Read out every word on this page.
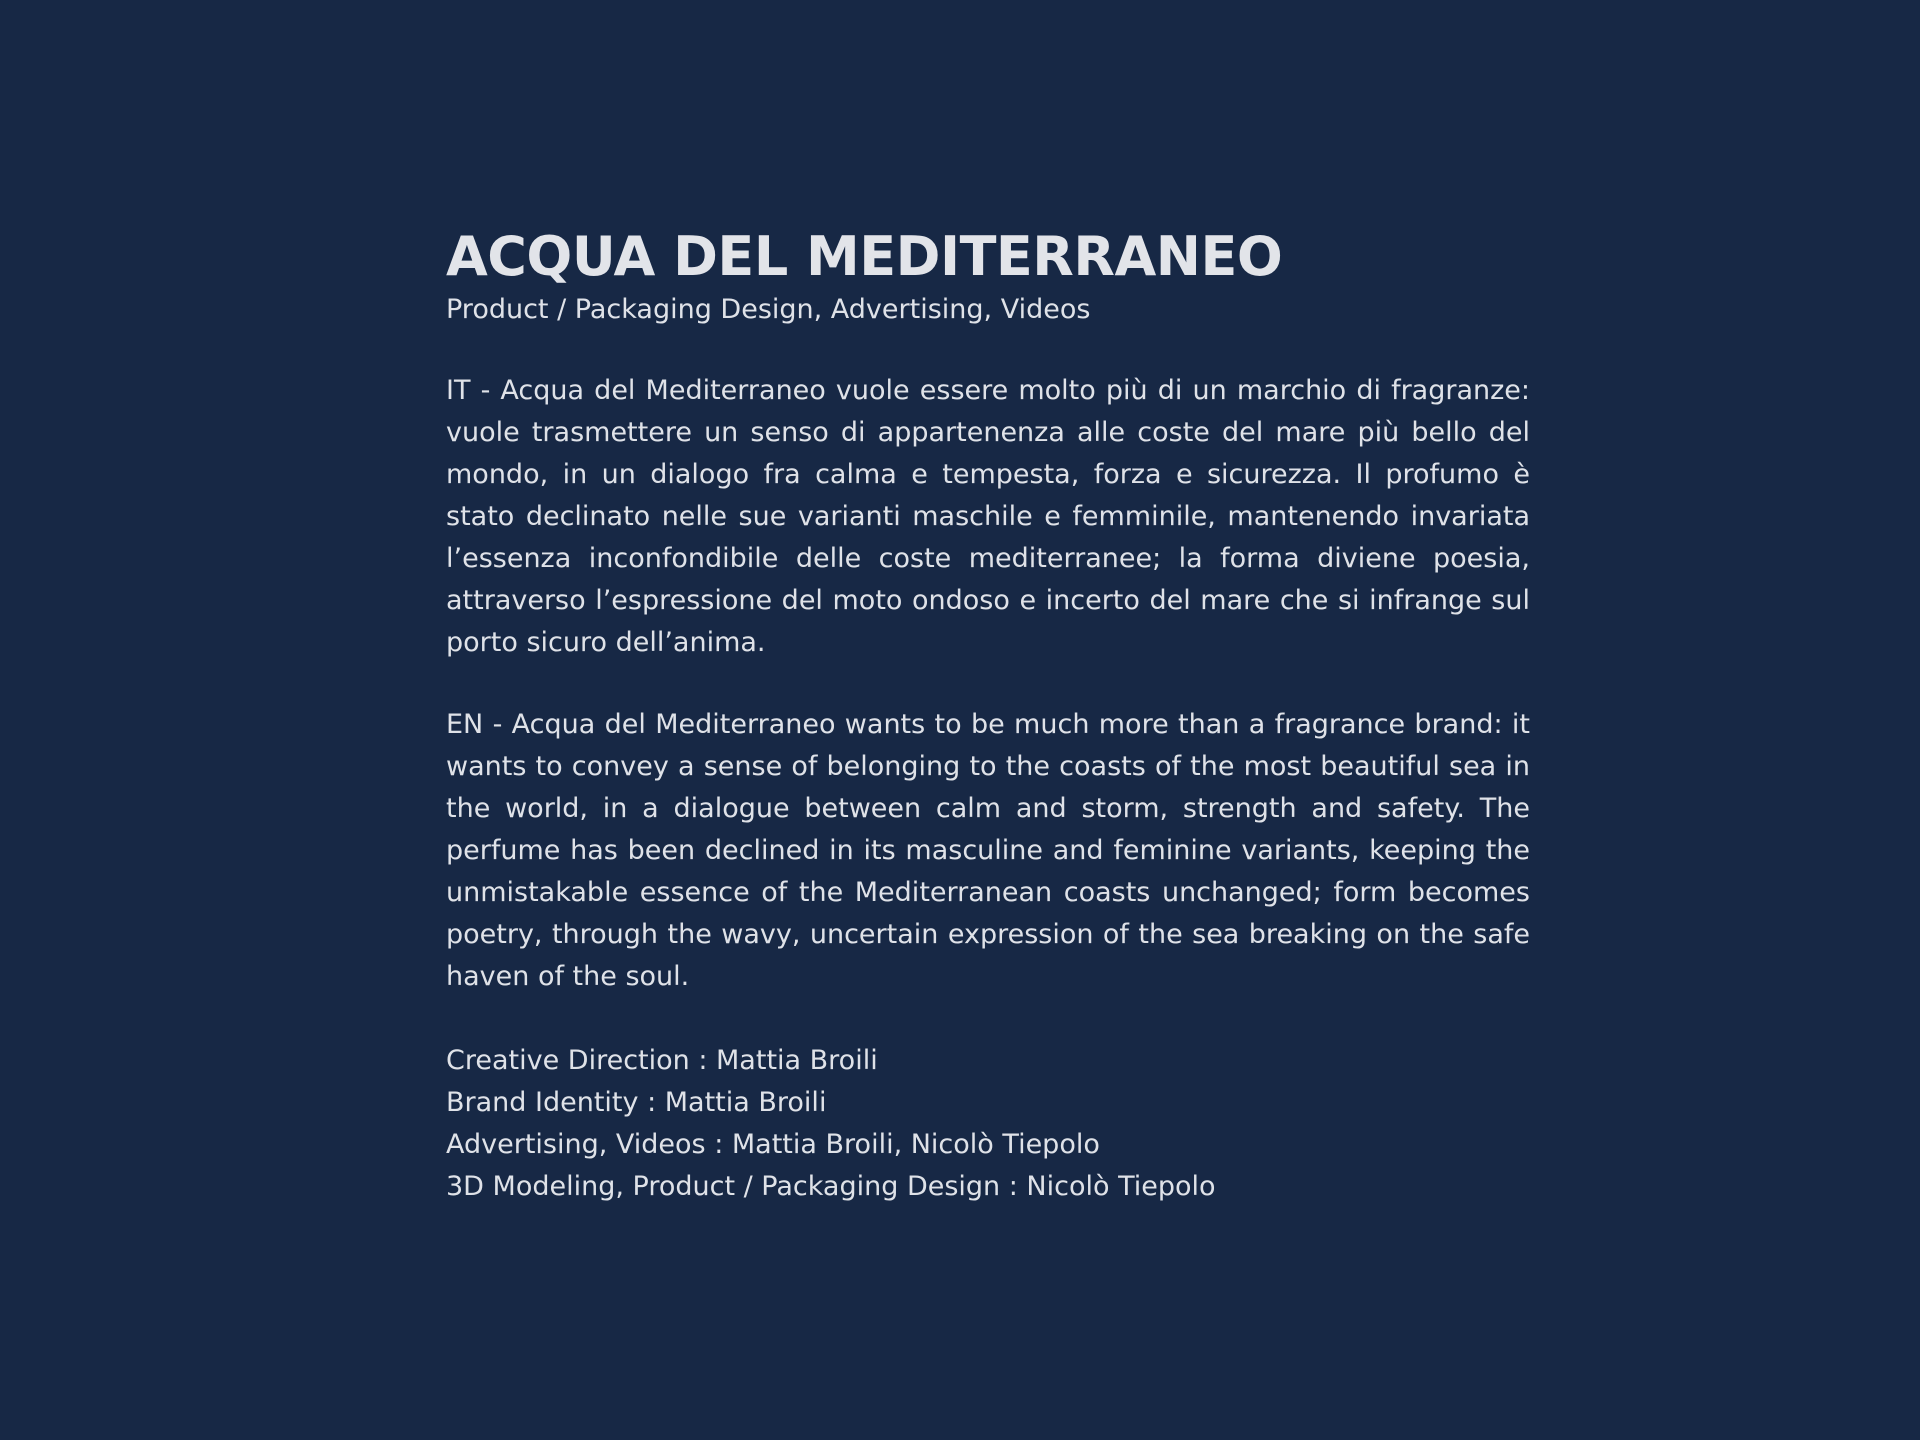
ACQUA DEL MEDITERRANEO
Product / Packaging Design, Advertising, Videos

IT - Acqua del Mediterraneo vuole essere molto più di un marchio di fragranze: vuole trasmettere un senso di appartenenza alle coste del mare più bello del mondo, in un dialogo fra calma e tempesta, forza e sicurezza. Il profumo è stato declinato nelle sue varianti maschile e femminile, mantenendo invariata l’essenza inconfondibile delle coste mediterranee; la forma diviene poesia, attraverso l’espressione del moto ondoso e incerto del mare che si infrange sul porto sicuro dell’anima.

EN - Acqua del Mediterraneo wants to be much more than a fragrance brand: it wants to convey a sense of belonging to the coasts of the most beautiful sea in the world, in a dialogue between calm and storm, strength and safety. The perfume has been declined in its masculine and feminine variants, keeping the unmistakable essence of the Mediterranean coasts unchanged; form becomes poetry, through the wavy, uncertain expression of the sea breaking on the safe haven of the soul.

Creative Direction : Mattia Broili
Brand Identity : Mattia Broili
Advertising, Videos : Mattia Broili, Nicolò Tiepolo
3D Modeling, Product / Packaging Design : Nicolò Tiepolo
